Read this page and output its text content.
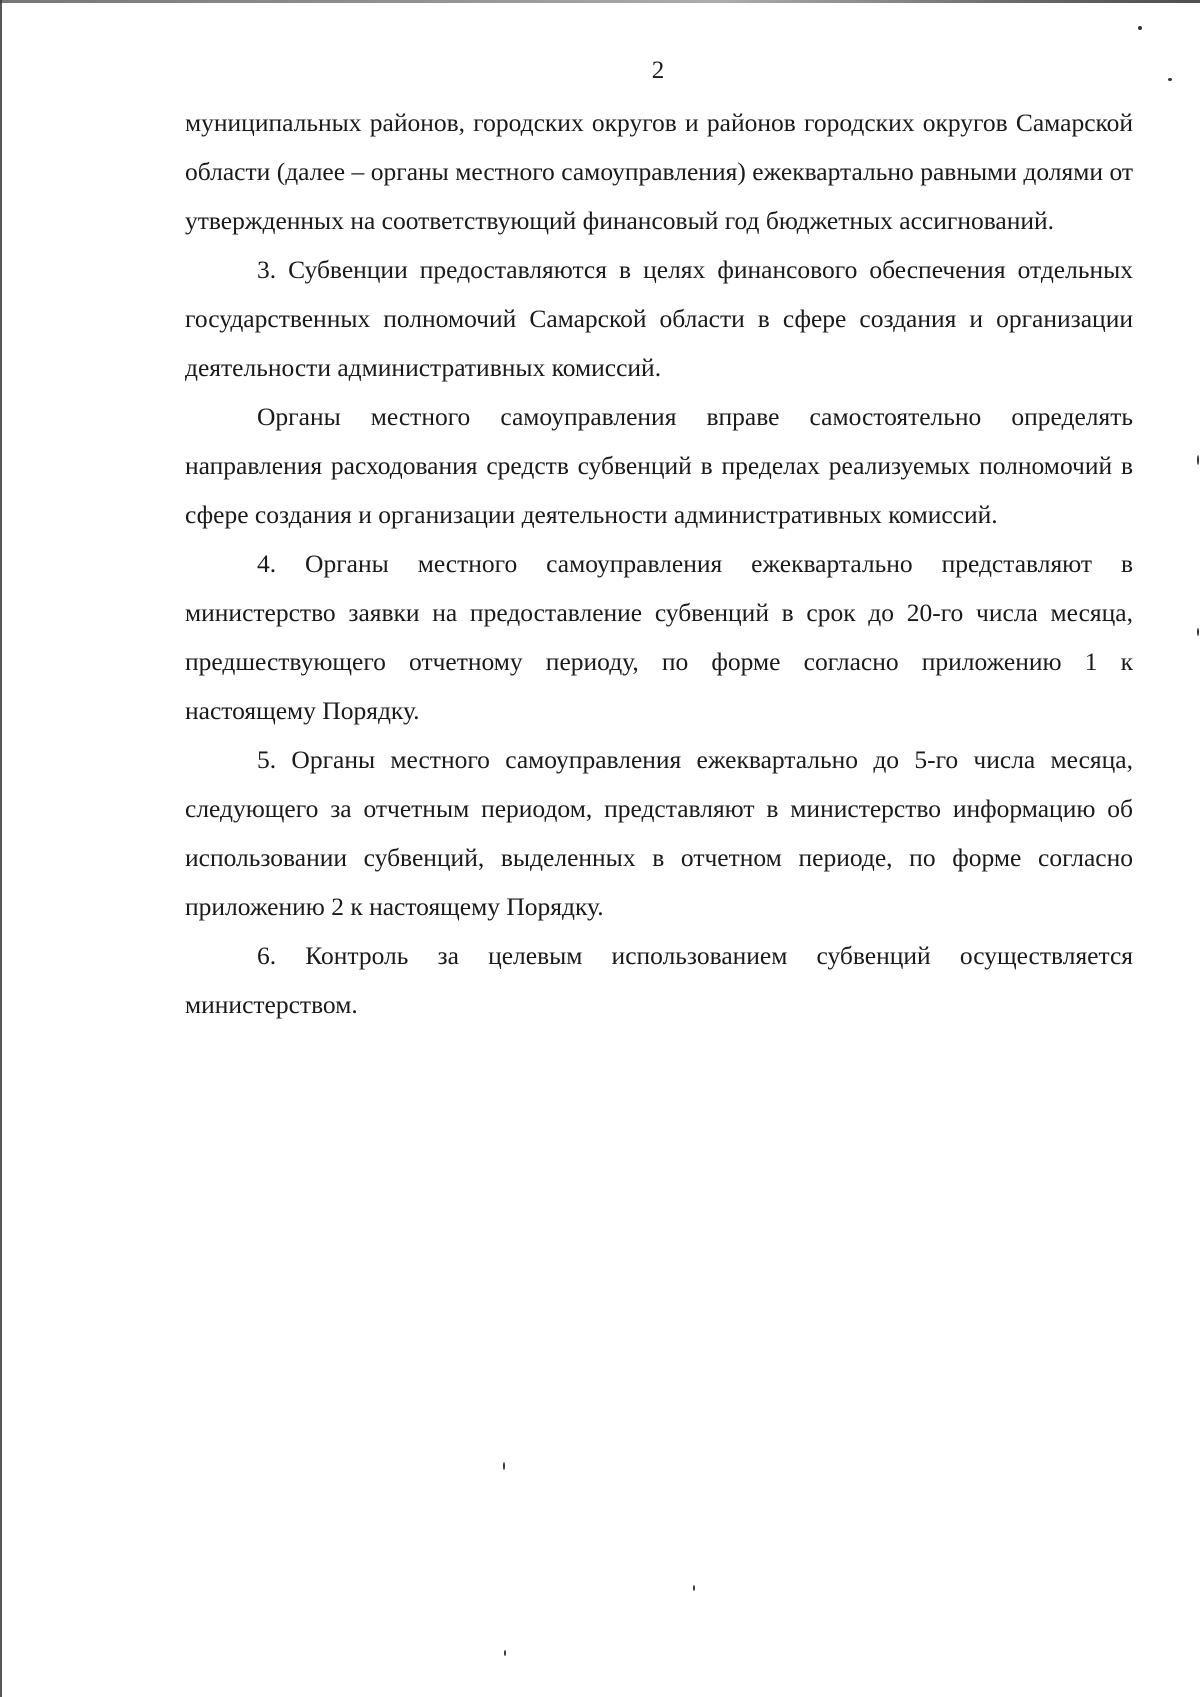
2

муниципальных районов, городских округов и районов городских округов Самарской области (далее – органы местного самоуправления) ежеквартально равными долями от утвержденных на соответствующий финансовый год бюджетных ассигнований.

3. Субвенции предоставляются в целях финансового обеспечения отдельных государственных полномочий Самарской области в сфере создания и организации деятельности административных комиссий.

Органы местного самоуправления вправе самостоятельно определять направления расходования средств субвенций в пределах реализуемых полномочий в сфере создания и организации деятельности административных комиссий.

4. Органы местного самоуправления ежеквартально представляют в министерство заявки на предоставление субвенций в срок до 20-го числа месяца, предшествующего отчетному периоду, по форме согласно приложению 1 к настоящему Порядку.

5. Органы местного самоуправления ежеквартально до 5-го числа месяца, следующего за отчетным периодом, представляют в министерство информацию об использовании субвенций, выделенных в отчетном периоде, по форме согласно приложению 2 к настоящему Порядку.

6. Контроль за целевым использованием субвенций осуществляется министерством.
